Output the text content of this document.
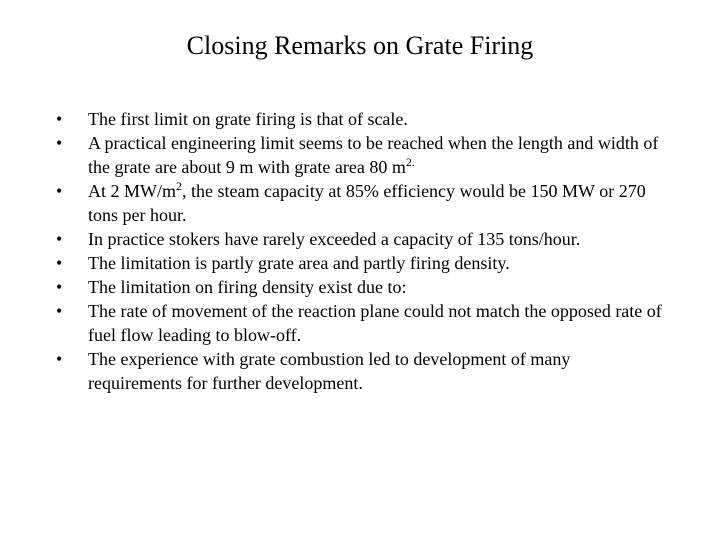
Closing Remarks on Grate Firing
•	The first limit on grate firing is that of scale.
•	A practical engineering limit seems to be reached when the length and width of the grate are about 9 m with grate area 80 $m^{2.}$
•	At 2 $MW/m^2$, the steam capacity at 85% efficiency would be 150 MW or 270 tons per hour.
•	In practice stokers have rarely exceeded a capacity of 135 tons/hour.
•	The limitation is partly grate area and partly firing density.
•	The limitation on firing density exist due to:
•	The rate of movement of the reaction plane could not match the opposed rate of fuel flow leading to blow-off.
•	The experience with grate combustion led to development of many requirements for further development.
